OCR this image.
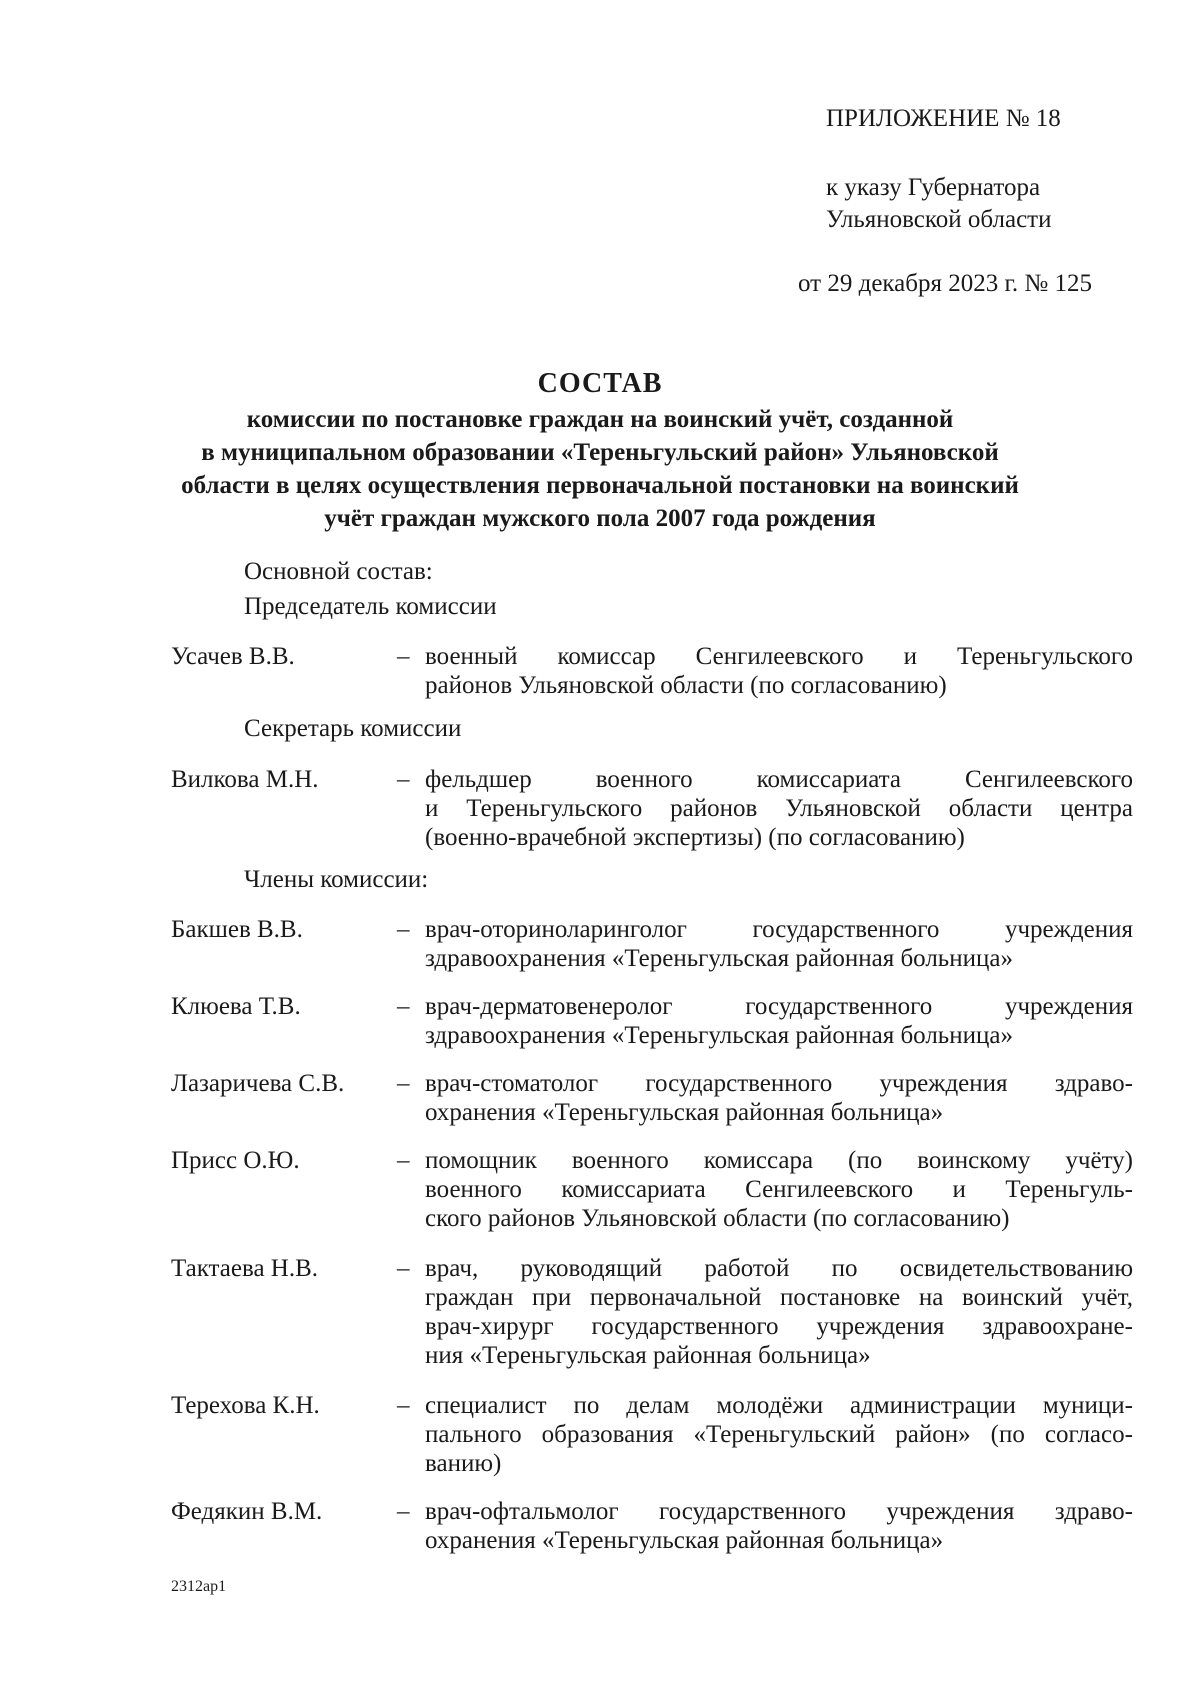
ПРИЛОЖЕНИЕ № 18
к указу Губернатора
Ульяновской области
от 29 декабря 2023 г. № 125
СОСТАВ
комиссии по постановке граждан на воинский учёт, созданной
в муниципальном образовании «Тереньгульский район» Ульяновской
области в целях осуществления первоначальной постановки на воинский
учёт граждан мужского пола 2007 года рождения
Основной состав:
Председатель комиссии
Усачев В.В.	– военный комиссар Сенгилеевского и Тереньгульского
районов Ульяновской области (по согласованию)
Секретарь комиссии
Вилкова М.Н.	– фельдшер	военного	комиссариата	Сенгилеевского
и Тереньгульского районов Ульяновской области центра
(военно-врачебной экспертизы) (по согласованию)
Члены комиссии:
Бакшев В.В.	– врач-оториноларинголог	государственного	учреждения
здравоохранения «Тереньгульская районная больница»
Клюева Т.В.	– врач-дерматовенеролог	государственного	учреждения
здравоохранения «Тереньгульская районная больница»
Лазаричева С.В. – врач-стоматолог государственного учреждения здраво-
охранения «Тереньгульская районная больница»
Присс О.Ю.	– помощник военного комиссара (по воинскому учёту)
военного комиссариата Сенгилеевского и Тереньгуль-
ского районов Ульяновской области (по согласованию)
Тактаева Н.В.	– врач, руководящий работой по освидетельствованию
граждан при первоначальной постановке на воинский учёт,
врач-хирург государственного учреждения здравоохране-
ния «Тереньгульская районная больница»
Терехова К.Н.	– специалист по делам молодёжи администрации муници-
пального образования «Тереньгульский район» (по согласо-
ванию)
Федякин В.М.	– врач-офтальмолог государственного учреждения здраво-
охранения «Тереньгульская районная больница»
2312ap1
